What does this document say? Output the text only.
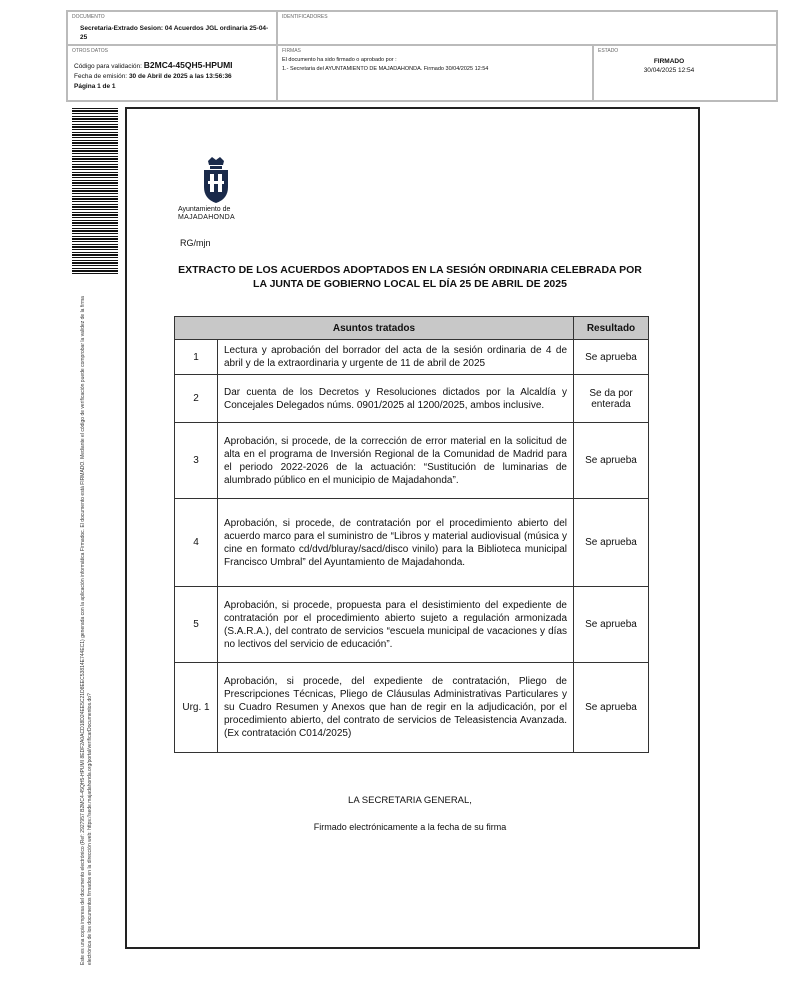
DOCUMENTO
Secretaria-Extrado Sesion: 04 Acuerdos JGL ordinaria 25-04-25
IDENTIFICADORES
OTROS DATOS
Código para validación: B2MC4-45QH5-HPUMI
Fecha de emisión: 30 de Abril de 2025 a las 13:56:36
Página 1 de 1
FIRMAS
El documento ha sido firmado o aprobado por :
1.- Secretaria del AYUNTAMIENTO DE MAJADAHONDA. Firmado 30/04/2025 12:54
ESTADO
FIRMADO
30/04/2025 12:54
Este es una copia impresa del documento electrónico (Ref: 2927957 B2MC4-45QH5-HPUMI 8EDF2A0ACD18D24EE5C21D8EEC53814E744EC1) generada con la aplicación informática Firmadoc. El documento está FIRMADO. Mediante el código de verificación puede comprobar la validez de la firma electrónica de los documentos firmados en la dirección web: https://sede.majadahonda.org/portal/verificarDocumentos.do?
Ayuntamiento de
MAJADAHONDA
RG/mjn
EXTRACTO DE LOS ACUERDOS ADOPTADOS EN LA SESIÓN ORDINARIA CELEBRADA POR LA JUNTA DE GOBIERNO LOCAL EL DÍA 25 DE ABRIL DE 2025
Asuntos tratados		Resultado
1	Lectura y aprobación del borrador del acta de la sesión ordinaria de 4 de abril y de la extraordinaria y urgente de 11 de abril de 2025	Se aprueba
2	Dar cuenta de los Decretos y Resoluciones dictados por la Alcaldía y Concejales Delegados núms. 0901/2025 al 1200/2025, ambos inclusive.	Se da por enterada
3	Aprobación, si procede, de la corrección de error material en la solicitud de alta en el programa de Inversión Regional de la Comunidad de Madrid para el periodo 2022-2026 de la actuación: “Sustitución de luminarias de alumbrado público en el municipio de Majadahonda”.	Se aprueba
4	Aprobación, si procede, de contratación por el procedimiento abierto del acuerdo marco para el suministro de “Libros y material audiovisual (música y cine en formato cd/dvd/bluray/sacd/disco vinilo) para la Biblioteca municipal Francisco Umbral” del Ayuntamiento de Majadahonda.	Se aprueba
5	Aprobación, si procede, propuesta para el desistimiento del expediente de contratación por el procedimiento abierto sujeto a regulación armonizada (S.A.R.A.), del contrato de servicios “escuela municipal de vacaciones y días no lectivos del servicio de educación”.	Se aprueba
Urg. 1	Aprobación, si procede, del expediente de contratación, Pliego de Prescripciones Técnicas, Pliego de Cláusulas Administrativas Particulares y su Cuadro Resumen y Anexos que han de regir en la adjudicación, por el procedimiento abierto, del contrato de servicios de Teleasistencia Avanzada. (Ex contratación C014/2025)	Se aprueba
LA SECRETARIA GENERAL,
Firmado electrónicamente a la fecha de su firma
